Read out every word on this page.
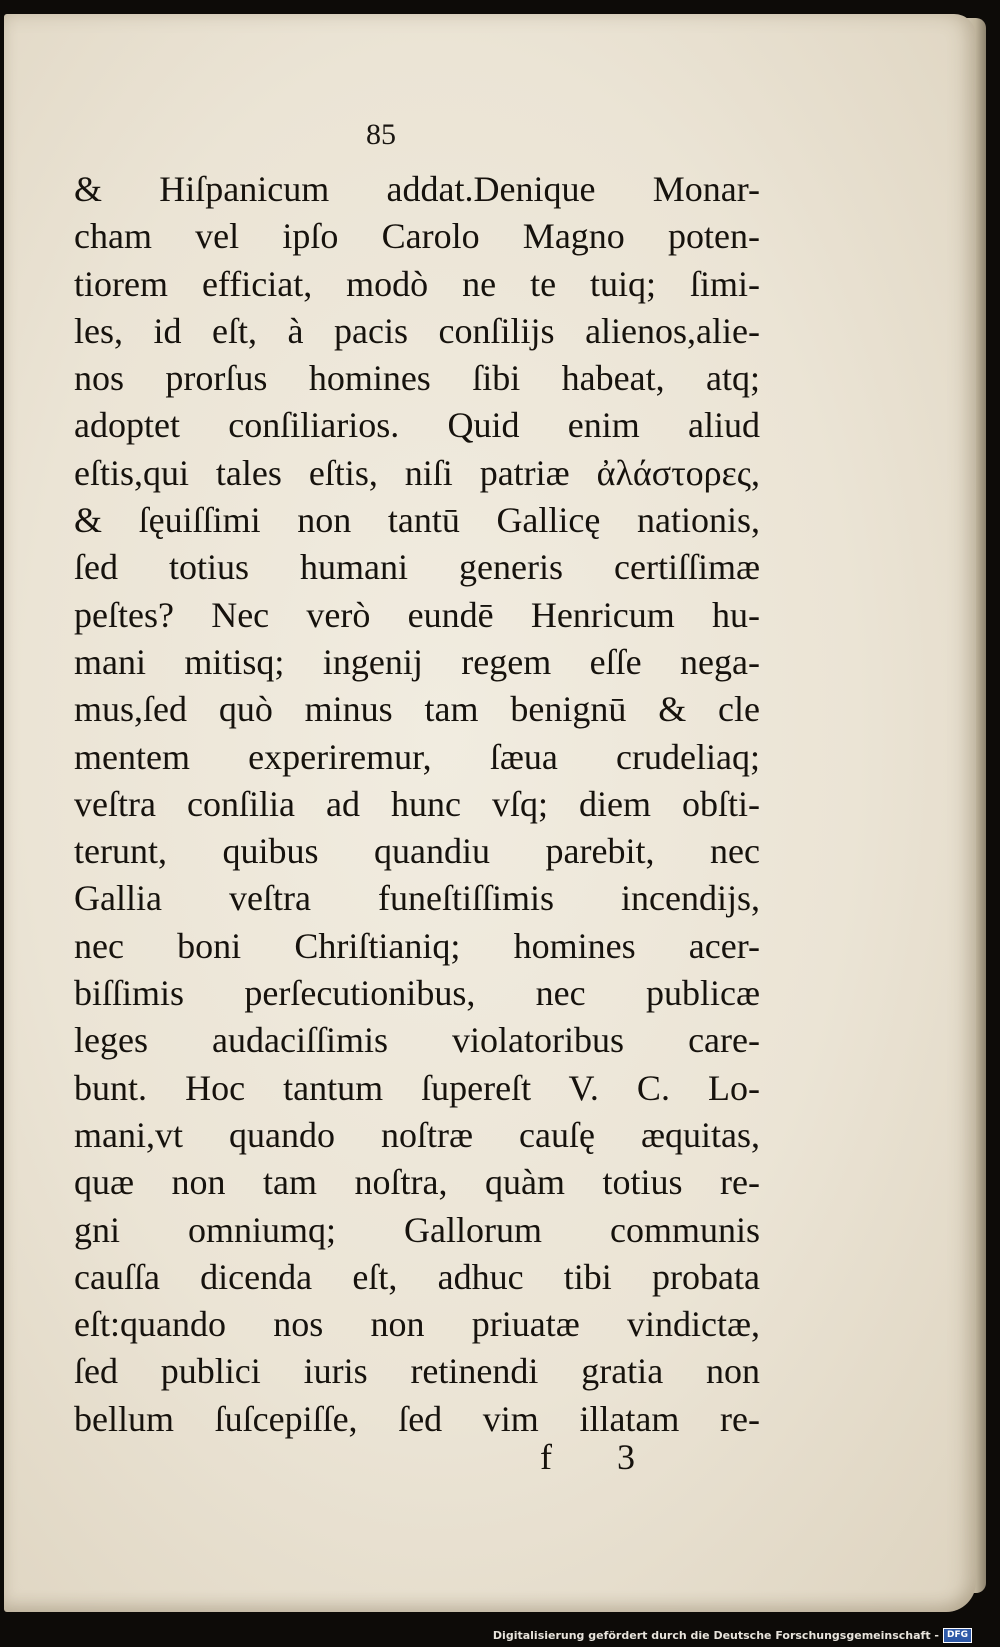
85
& Hiſpanicum addat.Denique Monar-
cham vel ipſo Carolo Magno poten-
tiorem efficiat, modò ne te tuiq; ſimi-
les, id eſt, à pacis conſilijs alienos,alie-
nos prorſus homines ſibi habeat, atq;
adoptet conſiliarios. Quid enim aliud
eſtis,qui tales eſtis, niſi patriæ ἀλάστορες,
& ſęuiſſimi non tantū Gallicę nationis,
ſed totius humani generis certiſſimæ
peſtes? Nec verò eundē Henricum hu-
mani mitisq; ingenij regem eſſe nega-
mus,ſed quò minus tam benignū & cle
mentem experiremur, ſæua crudeliaq;
veſtra conſilia ad hunc vſq; diem obſti-
terunt, quibus quandiu parebit, nec
Gallia veſtra funeſtiſſimis incendijs,
nec boni Chriſtianiq; homines acer-
biſſimis perſecutionibus, nec publicæ
leges audaciſſimis violatoribus care-
bunt. Hoc tantum ſupereſt V. C. Lo-
mani,vt quando noſtræ cauſę æquitas,
quæ non tam noſtra, quàm totius re-
gni omniumq; Gallorum communis
cauſſa dicenda eſt, adhuc tibi probata
eſt:quando nos non priuatæ vindictæ,
ſed publici iuris retinendi gratia non
bellum ſuſcepiſſe, ſed vim illatam re-
f 3
Digitalisierung gefördert durch die Deutsche Forschungsgemeinschaft - DFG
